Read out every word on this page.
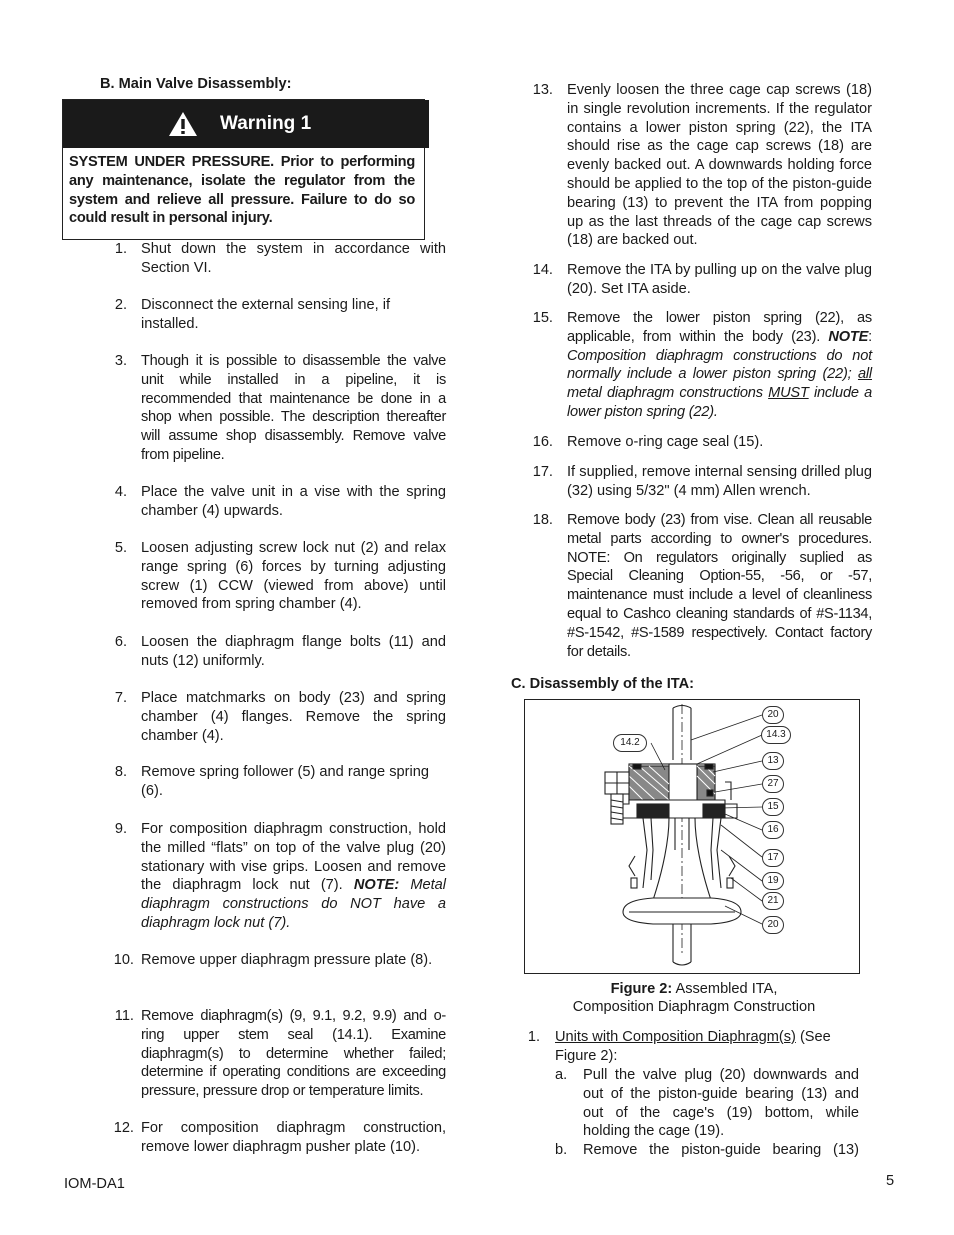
B. Main Valve Disassembly:
Warning 1
SYSTEM UNDER PRESSURE. Prior to performing any maintenance, isolate the regulator from the system and relieve all pressure. Failure to do so could result in personal injury.
1. Shut down the system in accordance with Section VI.
2. Disconnect the external sensing line, if installed.
3. Though it is possible to disassemble the valve unit while installed in a pipeline, it is recommended that maintenance be done in a shop when possible. The description thereafter will assume shop disassembly. Remove valve from pipeline.
4. Place the valve unit in a vise with the spring chamber (4) upwards.
5. Loosen adjusting screw lock nut (2) and relax range spring (6) forces by turning adjusting screw (1) CCW (viewed from above) until removed from spring chamber (4).
6. Loosen the diaphragm flange bolts (11) and nuts (12) uniformly.
7. Place matchmarks on body (23) and spring chamber (4) flanges. Remove the spring chamber (4).
8. Remove spring follower (5) and range spring (6).
9. For composition diaphragm construction, hold the milled “flats” on top of the valve plug (20) stationary with vise grips. Loosen and remove the diaphragm lock nut (7). NOTE: Metal diaphragm constructions do NOT have a diaphragm lock nut (7).
10. Remove upper diaphragm pressure plate (8).
11. Remove diaphragm(s) (9, 9.1, 9.2, 9.9) and o-ring upper stem seal (14.1). Examine diaphragm(s) to determine whether failed; determine if operating conditions are exceeding pressure, pressure drop or temperature limits.
12. For composition diaphragm construction, remove lower diaphragm pusher plate (10).
13. Evenly loosen the three cage cap screws (18) in single revolution increments. If the regulator contains a lower piston spring (22), the ITA should rise as the cage cap screws (18) are evenly backed out. A downwards holding force should be applied to the top of the piston-guide bearing (13) to prevent the ITA from popping up as the last threads of the cage cap screws (18) are backed out.
14. Remove the ITA by pulling up on the valve plug (20). Set ITA aside.
15. Remove the lower piston spring (22), as applicable, from within the body (23). NOTE: Composition diaphragm constructions do not normally include a lower piston spring (22); all metal diaphragm constructions MUST include a lower piston spring (22).
16. Remove o-ring cage seal (15).
17. If supplied, remove internal sensing drilled plug (32) using 5/32" (4 mm) Allen wrench.
18. Remove body (23) from vise. Clean all reusable metal parts according to owner's procedures. NOTE: On regulators originally suplied as Special Cleaning Option-55, -56, or -57, maintenance must include a level of cleanliness equal to Cashco cleaning standards of #S-1134, #S-1542, #S-1589 respectively. Contact factory for details.
C. Disassembly of the ITA:
14.2
20
14.3
13
27
15
16
17
19
21
20
Figure 2: Assembled ITA,
Composition Diaphragm Construction
1. Units with Composition Diaphragm(s) (See Figure 2):
a. Pull the valve plug (20) downwards and out of the piston-guide bearing (13) and out of the cage's (19) bottom, while holding the cage (19).
b. Remove the piston-guide bearing (13)
IOM-DA1	5
